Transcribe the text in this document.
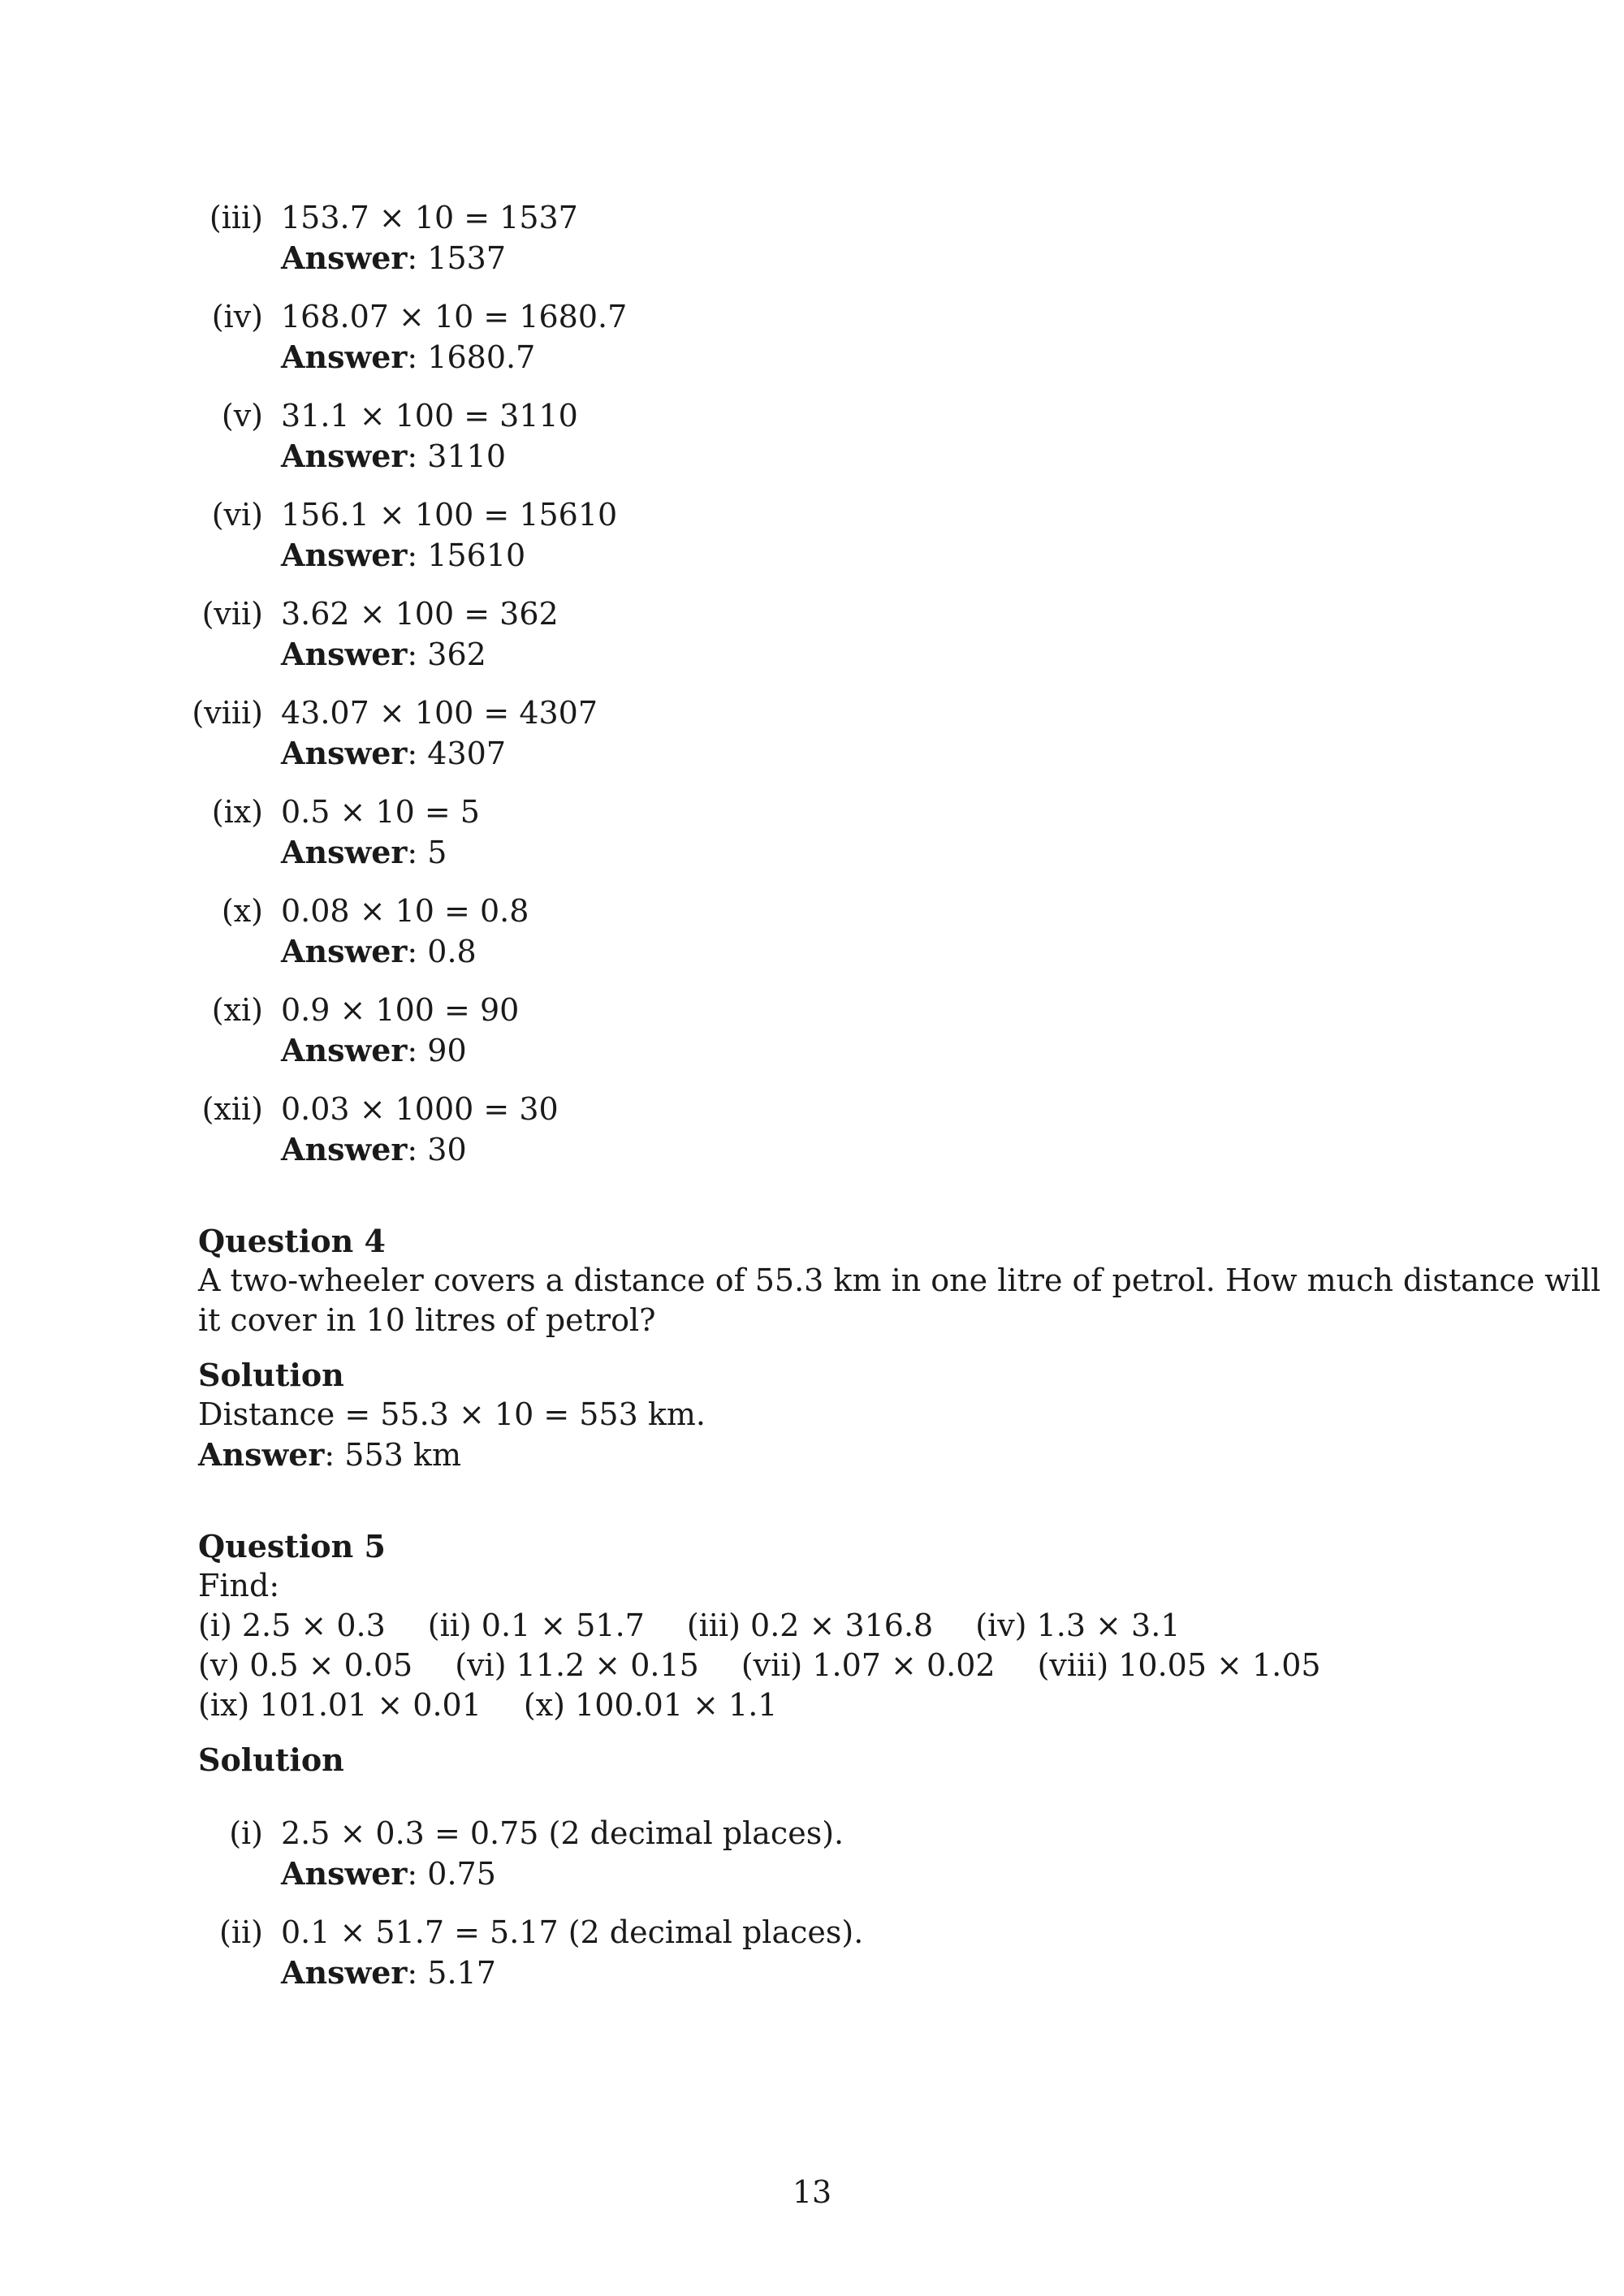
(iii) 153.7 × 10 = 1537
Answer: 1537
(iv) 168.07 × 10 = 1680.7
Answer: 1680.7
(v) 31.1 × 100 = 3110
Answer: 3110
(vi) 156.1 × 100 = 15610
Answer: 15610
(vii) 3.62 × 100 = 362
Answer: 362
(viii) 43.07 × 100 = 4307
Answer: 4307
(ix) 0.5 × 10 = 5
Answer: 5
(x) 0.08 × 10 = 0.8
Answer: 0.8
(xi) 0.9 × 100 = 90
Answer: 90
(xii) 0.03 × 1000 = 30
Answer: 30
Question 4
A two-wheeler covers a distance of 55.3 km in one litre of petrol. How much distance will
it cover in 10 litres of petrol?
Solution
Distance = 55.3 × 10 = 553 km.
Answer: 553 km
Question 5
Find:
(i) 2.5 × 0.3 (ii) 0.1 × 51.7 (iii) 0.2 × 316.8 (iv) 1.3 × 3.1
(v) 0.5 × 0.05 (vi) 11.2 × 0.15 (vii) 1.07 × 0.02 (viii) 10.05 × 1.05
(ix) 101.01 × 0.01 (x) 100.01 × 1.1
Solution
(i) 2.5 × 0.3 = 0.75 (2 decimal places).
Answer: 0.75
(ii) 0.1 × 51.7 = 5.17 (2 decimal places).
Answer: 5.17
13
